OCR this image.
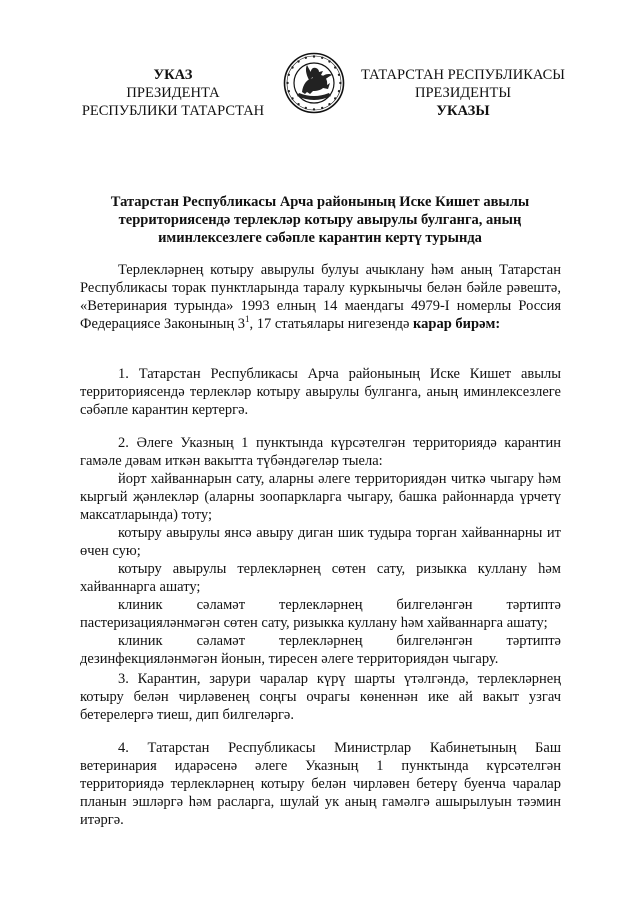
УКАЗ
ПРЕЗИДЕНТА
РЕСПУБЛИКИ ТАТАРСТАН
ТАТАРСТАН РЕСПУБЛИКАСЫ
ПРЕЗИДЕНТЫ
УКАЗЫ
Татарстан Республикасы Арча районының Иске Кишет авылы
территориясендә терлекләр котыру авырулы булганга, аның
иминлексезлеге сәбәпле карантин кертү турында
Терлекләрнең котыру авырулы булуы ачыклану һәм аның Татарстан
Республикасы торак пунктларында таралу куркынычы белән бәйле рәвештә,
«Ветеринария турында» 1993 елның 14 маендагы 4979-I номерлы Россия
Федерациясе Законының $3^1$, 17 статьялары нигезендә карар бирәм:
1. Татарстан Республикасы Арча районының Иске Кишет авылы
территориясендә терлекләр котыру авырулы булганга, аның иминлексезлеге
сәбәпле карантин кертергә.
2. Әлеге Указның 1 пунктында күрсәтелгән территориядә карантин
гамәле дәвам иткән вакытта түбәндәгеләр тыела:
йорт хайваннарын сату, аларны әлеге территориядән читкә чыгару һәм
кыргый җәнлекләр (аларны зоопаркларга чыгару, башка районнарда үрчетү
максатларында) тоту;
котыру авырулы янсә авыру диган шик тудыра торган хайваннарны ит
өчен сую;
котыру авырулы терлекләрнең сөтен сату, ризыкка куллану һәм
хайваннарга ашату;
клиник сәламәт терлекләрнең билгеләнгән тәртиптә
пастеризацияләнмәгән сөтен сату, ризыкка куллану һәм хайваннарга ашату;
клиник сәламәт терлекләрнең билгеләнгән тәртиптә
дезинфекцияләнмәгән йонын, тиресен әлеге территориядән чыгару.
3. Карантин, зарури чаралар күрү шарты үтәлгәндә, терлекләрнең
котыру белән чирләвенең соңгы очрагы көненнән ике ай вакыт узгач
бетерелергә тиеш, дип билгеләргә.
4. Татарстан Республикасы Министрлар Кабинетының Баш
ветеринария идарәсенә әлеге Указның 1 пунктында күрсәтелгән
территориядә терлекләрнең котыру белән чирләвен бетерү буенча чаралар
планын эшләргә һәм расларга, шулай ук аның гамәлгә ашырылуын тәэмин
итәргә.
